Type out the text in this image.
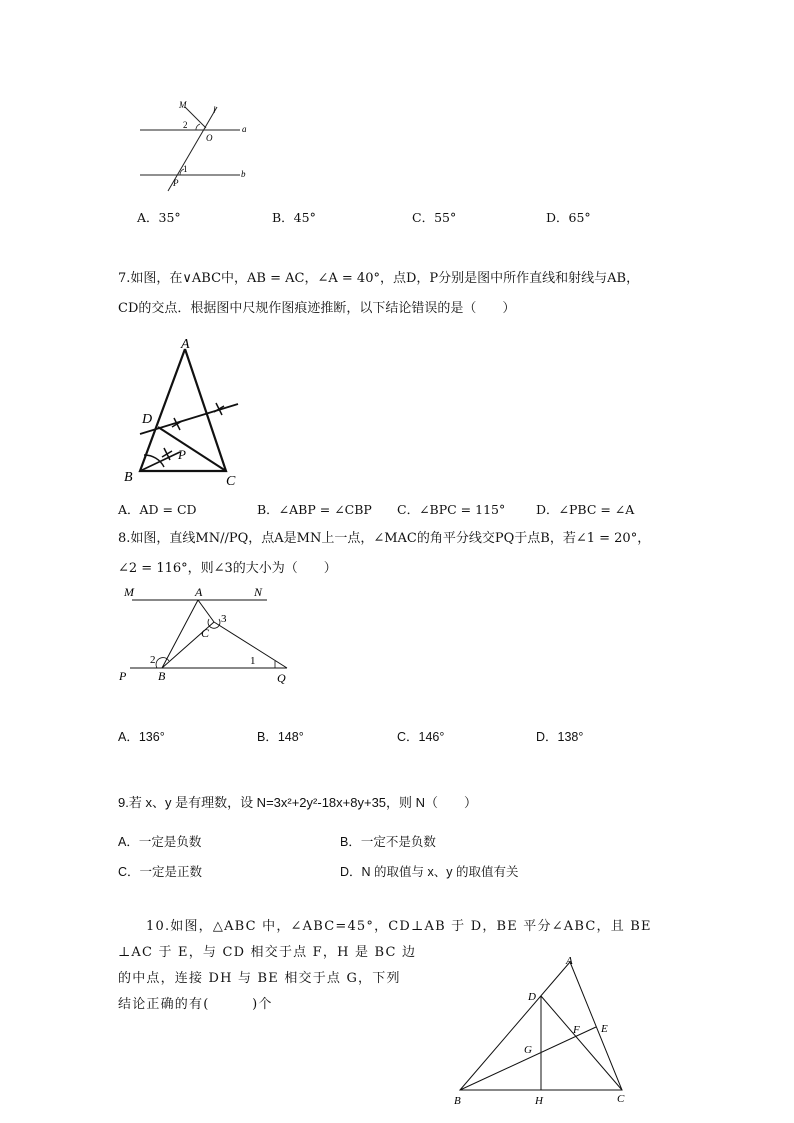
M	l
2
O
a
1
P
b
A．35°	B．45°	C．55°	D．65°
7.如图，在∨ABC中，AB = AC，∠A = 40°，点D，P分别是图中所作直线和射线与AB，
CD的交点．根据图中尺规作图痕迹推断，以下结论错误的是（　　）
A
D
P
B	C
A．AD = CD	B．∠ABP = ∠CBP C．∠BPC = 115° D．∠PBC = ∠A
8.如图，直线MN//PQ，点A是MN上一点，∠MAC的角平分线交PQ于点B，若∠1 = 20°，
∠2 = 116°，则∠3的大小为（　　）
M	A	N
C
3
2	1
P	B	Q
A．136°	B．148°	C．146°	D．138°
9.若 x、y 是有理数，设 N=3x²+2y²-18x+8y+35，则 N（　　）
A．一定是负数	B．一定不是负数
C．一定是正数	D．N 的取值与 x、y 的取值有关
10.如图，△ABC 中，∠ABC=45°，CD⊥AB 于 D，BE 平分∠ABC，且 BE
⊥AC 于 E，与 CD 相交于点 F，H 是 BC 边
的中点，连接 DH 与 BE 相交于点 G，下列
结论正确的有(　　　)个
A
D
F E
G
B	H	C
